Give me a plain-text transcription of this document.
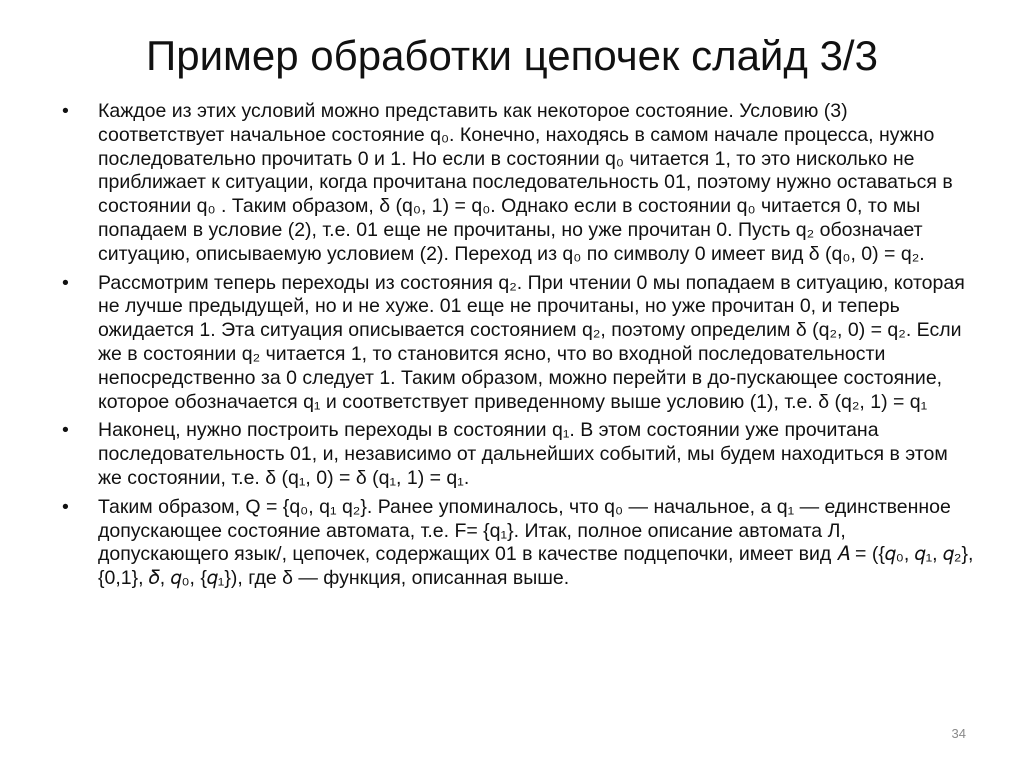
Пример обработки цепочек слайд 3/3
• Каждое из этих условий можно представить как некоторое состояние. Условию (3) соответствует начальное состояние q₀. Конечно, находясь в самом начале процесса, нужно последовательно прочитать 0 и 1. Но если в состоянии q₀ читается 1, то это нисколько не приближает к ситуации, когда прочитана последовательность 01, поэтому нужно оставаться в состоянии q₀ . Таким образом, δ (q₀, 1) = q₀. Однако если в состоянии q₀ читается 0, то мы попадаем в условие (2), т.е. 01 еще не прочитаны, но уже прочитан 0. Пусть q₂ обозначает ситуацию, описываемую условием (2). Переход из q₀ по символу 0 имеет вид δ (q₀, 0) = q₂.
• Рассмотрим теперь переходы из состояния q₂. При чтении 0 мы попадаем в ситуацию, которая не лучше предыдущей, но и не хуже. 01 еще не прочитаны, но уже прочитан 0, и теперь ожидается 1. Эта ситуация описывается состоянием q₂, поэтому определим δ (q₂, 0) = q₂. Если же в состоянии q₂ читается 1, то становится ясно, что во входной последовательности непосредственно за 0 следует 1. Таким образом, можно перейти в до-пускающее состояние, которое обозначается q₁ и соответствует приведенному выше условию (1), т.е. δ (q₂, 1) = q₁
• Наконец, нужно построить переходы в состоянии q₁. В этом состоянии уже прочитана последовательность 01, и, независимо от дальнейших событий, мы будем находиться в этом же состоянии, т.е. δ (q₁, 0) = δ (q₁, 1) = q₁.
• Таким образом, Q = {q₀, q₁ q₂}. Ранее упоминалось, что q₀ — начальное, а q₁ — единственное допускающее состояние автомата, т.е. F= {q₁}. Итак, полное описание автомата Л, допускающего язык/, цепочек, содержащих 01 в качестве подцепочки, имеет вид 𝐴 = ({𝑞₀, 𝑞₁, 𝑞₂}, {0,1}, 𝛿, 𝑞₀, {𝑞₁}), где δ — функция, описанная выше.
34
